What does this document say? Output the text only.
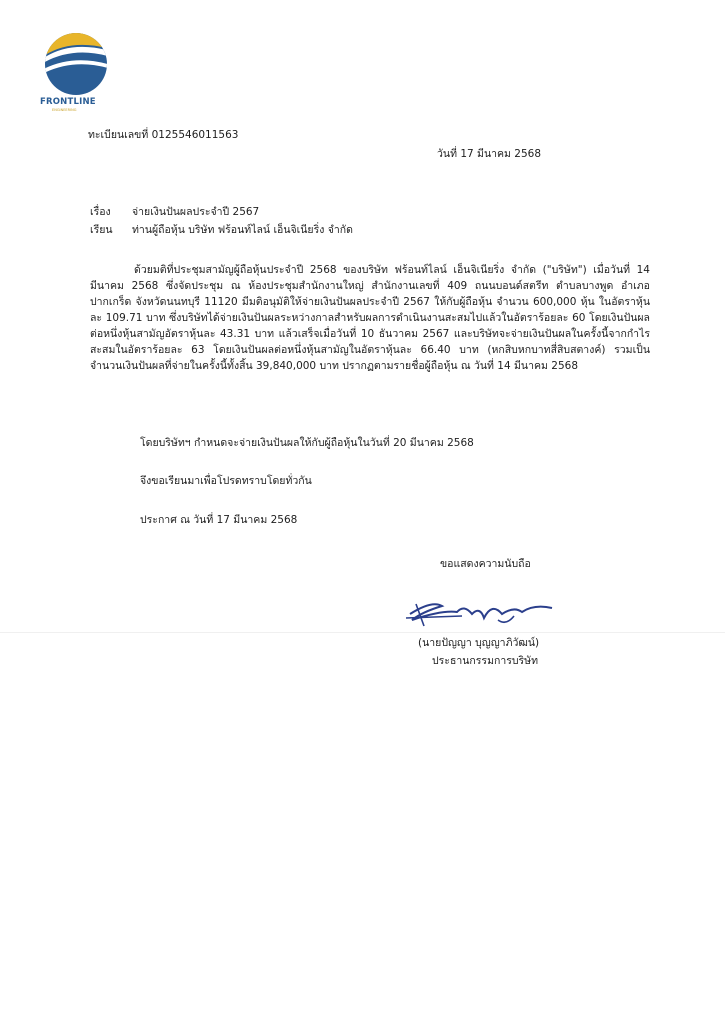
FRONTLINE
ENGINEERING
ทะเบียนเลขที่ 0125546011563
วันที่ 17 มีนาคม 2568
เรื่อง จ่ายเงินปันผลประจำปี 2567
เรียน ท่านผู้ถือหุ้น บริษัท ฟร้อนท์ไลน์ เอ็นจิเนียริ่ง จำกัด

ด้วยมติที่ประชุมสามัญผู้ถือหุ้นประจำปี 2568 ของบริษัท ฟร้อนท์ไลน์ เอ็นจิเนียริ่ง จำกัด ("บริษัท") เมื่อวันที่ 14 มีนาคม 2568 ซึ่งจัดประชุม ณ ห้องประชุมสำนักงานใหญ่ สำนักงานเลขที่ 409 ถนนบอนด์สตรีท ตำบลบางพูด อำเภอปากเกร็ด จังหวัดนนทบุรี 11120 มีมติอนุมัติให้จ่ายเงินปันผลประจำปี 2567 ให้กับผู้ถือหุ้น จำนวน 600,000 หุ้น ในอัตราหุ้นละ 109.71 บาท ซึ่งบริษัทได้จ่ายเงินปันผลระหว่างกาลสำหรับผลการดำเนินงานสะสมไปแล้วในอัตราร้อยละ 60 โดยเงินปันผลต่อหนึ่งหุ้นสามัญอัตราหุ้นละ 43.31 บาท แล้วเสร็จเมื่อวันที่ 10 ธันวาคม 2567 และบริษัทจะจ่ายเงินปันผลในครั้งนี้จากกำไรสะสมในอัตราร้อยละ 63 โดยเงินปันผลต่อหนึ่งหุ้นสามัญในอัตราหุ้นละ 66.40 บาท (หกสิบหกบาทสี่สิบสตางค์) รวมเป็นจำนวนเงินปันผลที่จ่ายในครั้งนี้ทั้งสิ้น 39,840,000 บาท ปรากฏตามรายชื่อผู้ถือหุ้น ณ วันที่ 14 มีนาคม 2568

โดยบริษัทฯ กำหนดจะจ่ายเงินปันผลให้กับผู้ถือหุ้นในวันที่ 20 มีนาคม 2568
จึงขอเรียนมาเพื่อโปรดทราบโดยทั่วกัน
ประกาศ ณ วันที่ 17 มีนาคม 2568
ขอแสดงความนับถือ
(นายปัญญา บุญญาภิวัฒน์)
ประธานกรรมการบริษัท
